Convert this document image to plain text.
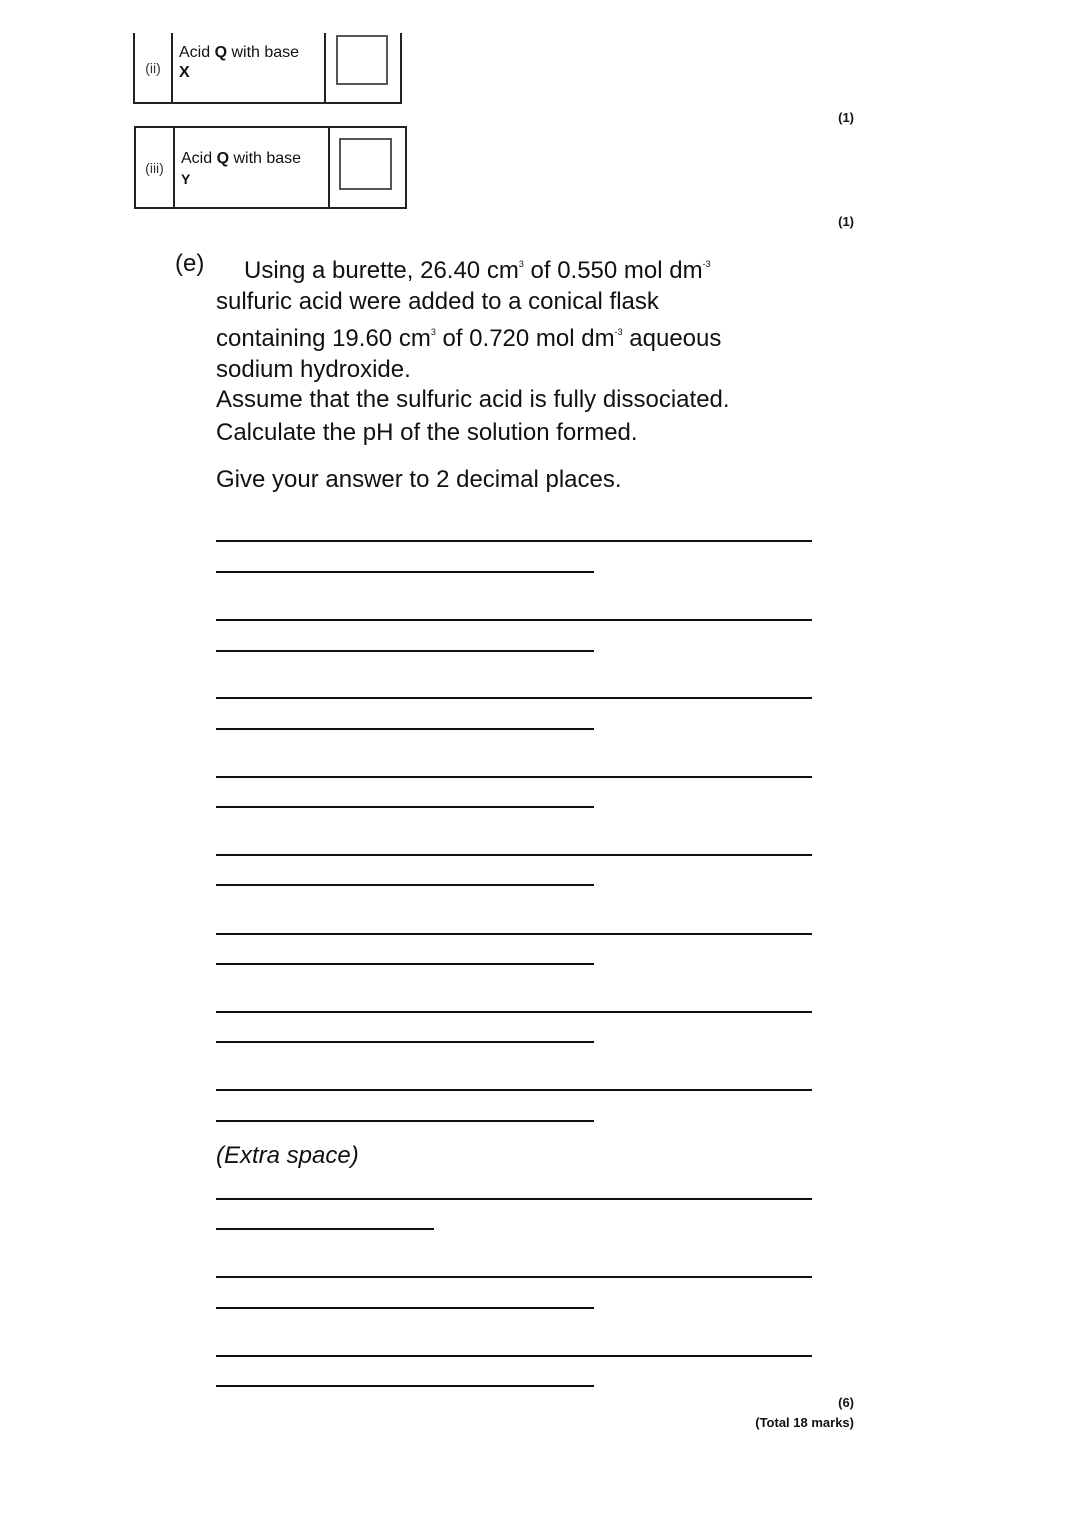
(ii)
Acid Q with base
X
(1)
(iii)
Acid Q with base
Y
(1)
(e)	Using a burette, 26.40 $cm^3$ of 0.550 mol $dm^{-3}$
sulfuric acid were added to a conical flask
containing 19.60 $cm^3$ of 0.720 mol $dm^{-3}$ aqueous
sodium hydroxide.
Assume that the sulfuric acid is fully dissociated.
Calculate the pH of the solution formed.
Give your answer to 2 decimal places.
(Extra space)
(6)
(Total 18 marks)
